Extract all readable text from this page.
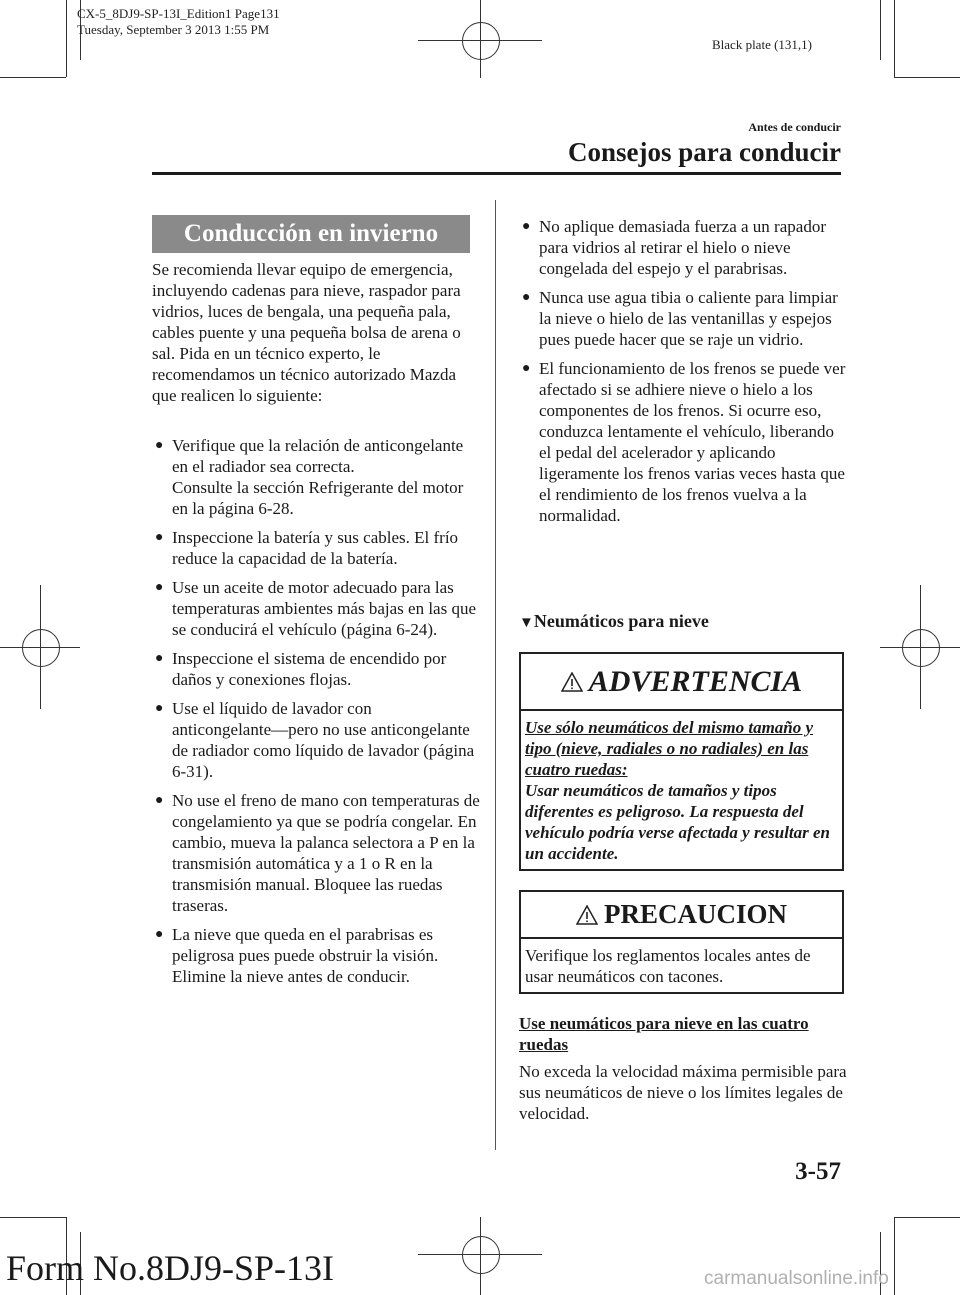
CX-5_8DJ9-SP-13I_Edition1 Page131
Tuesday, September 3 2013 1:55 PM
Black plate (131,1)
Antes de conducir
Consejos para conducir
Conducción en invierno
Se recomienda llevar equipo de emergencia, incluyendo cadenas para nieve, raspador para vidrios, luces de bengala, una pequeña pala, cables puente y una pequeña bolsa de arena o sal. Pida en un técnico experto, le recomendamos un técnico autorizado Mazda que realicen lo siguiente:
● Verifique que la relación de anticongelante en el radiador sea correcta.
Consulte la sección Refrigerante del motor en la página 6-28.
● Inspeccione la batería y sus cables. El frío reduce la capacidad de la batería.
● Use un aceite de motor adecuado para las temperaturas ambientes más bajas en las que se conducirá el vehículo (página 6-24).
● Inspeccione el sistema de encendido por daños y conexiones flojas.
● Use el líquido de lavador con anticongelante―pero no use anticongelante de radiador como líquido de lavador (página 6-31).
● No use el freno de mano con temperaturas de congelamiento ya que se podría congelar. En cambio, mueva la palanca selectora a P en la transmisión automática y a 1 o R en la transmisión manual. Bloquee las ruedas traseras.
● La nieve que queda en el parabrisas es peligrosa pues puede obstruir la visión. Elimine la nieve antes de conducir.
● No aplique demasiada fuerza a un rapador para vidrios al retirar el hielo o nieve congelada del espejo y el parabrisas.
● Nunca use agua tibia o caliente para limpiar la nieve o hielo de las ventanillas y espejos pues puede hacer que se raje un vidrio.
● El funcionamiento de los frenos se puede ver afectado si se adhiere nieve o hielo a los componentes de los frenos. Si ocurre eso, conduzca lentamente el vehículo, liberando el pedal del acelerador y aplicando ligeramente los frenos varias veces hasta que el rendimiento de los frenos vuelva a la normalidad.
▼Neumáticos para nieve
ADVERTENCIA
Use sólo neumáticos del mismo tamaño y tipo (nieve, radiales o no radiales) en las cuatro ruedas:
Usar neumáticos de tamaños y tipos diferentes es peligroso. La respuesta del vehículo podría verse afectada y resultar en un accidente.
PRECAUCION
Verifique los reglamentos locales antes de usar neumáticos con tacones.
Use neumáticos para nieve en las cuatro ruedas
No exceda la velocidad máxima permisible para sus neumáticos de nieve o los límites legales de velocidad.
3-57
Form No.8DJ9-SP-13I	carmanualsonline.info
